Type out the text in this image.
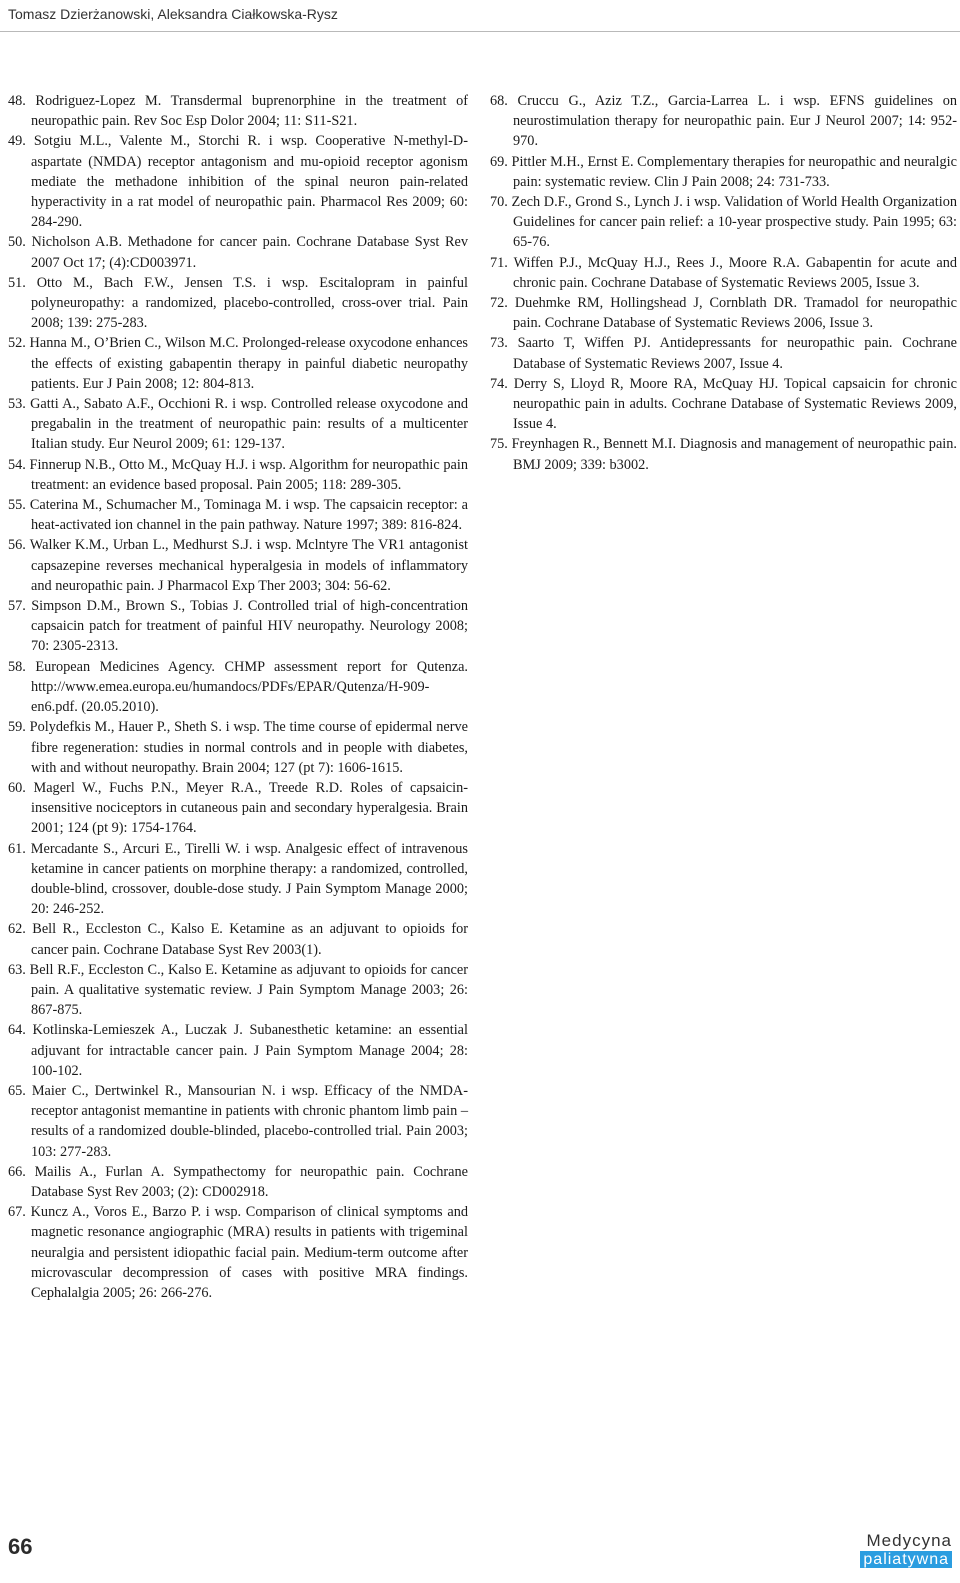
Tomasz Dzierżanowski, Aleksandra Ciałkowska-Rysz
48. Rodriguez-Lopez M. Transdermal buprenorphine in the treatment of neuropathic pain. Rev Soc Esp Dolor 2004; 11: S11-S21.
49. Sotgiu M.L., Valente M., Storchi R. i wsp. Cooperative N-methyl-D-aspartate (NMDA) receptor antagonism and mu-opioid receptor agonism mediate the methadone inhibition of the spinal neuron pain-related hyperactivity in a rat model of neuropathic pain. Pharmacol Res 2009; 60: 284-290.
50. Nicholson A.B. Methadone for cancer pain. Cochrane Database Syst Rev 2007 Oct 17; (4):CD003971.
51. Otto M., Bach F.W., Jensen T.S. i wsp. Escitalopram in painful polyneuropathy: a randomized, placebo-controlled, cross-over trial. Pain 2008; 139: 275-283.
52. Hanna M., O’Brien C., Wilson M.C. Prolonged-release oxycodone enhances the effects of existing gabapentin therapy in painful diabetic neuropathy patients. Eur J Pain 2008; 12: 804-813.
53. Gatti A., Sabato A.F., Occhioni R. i wsp. Controlled release oxycodone and pregabalin in the treatment of neuropathic pain: results of a multicenter Italian study. Eur Neurol 2009; 61: 129-137.
54. Finnerup N.B., Otto M., McQuay H.J. i wsp. Algorithm for neuropathic pain treatment: an evidence based proposal. Pain 2005; 118: 289-305.
55. Caterina M., Schumacher M., Tominaga M. i wsp. The capsaicin receptor: a heat-activated ion channel in the pain pathway. Nature 1997; 389: 816-824.
56. Walker K.M., Urban L., Medhurst S.J. i wsp. Mclntyre The VR1 antagonist capsazepine reverses mechanical hyperalgesia in models of inflammatory and neuropathic pain. J Pharmacol Exp Ther 2003; 304: 56-62.
57. Simpson D.M., Brown S., Tobias J. Controlled trial of high-concentration capsaicin patch for treatment of painful HIV neuropathy. Neurology 2008; 70: 2305-2313.
58. European Medicines Agency. CHMP assessment report for Qutenza. http://www.emea.europa.eu/humandocs/PDFs/EPAR/Qutenza/H-909-en6.pdf. (20.05.2010).
59. Polydefkis M., Hauer P., Sheth S. i wsp. The time course of epidermal nerve fibre regeneration: studies in normal controls and in people with diabetes, with and without neuropathy. Brain 2004; 127 (pt 7): 1606-1615.
60. Magerl W., Fuchs P.N., Meyer R.A., Treede R.D. Roles of capsaicin-insensitive nociceptors in cutaneous pain and secondary hyperalgesia. Brain 2001; 124 (pt 9): 1754-1764.
61. Mercadante S., Arcuri E., Tirelli W. i wsp. Analgesic effect of intravenous ketamine in cancer patients on morphine therapy: a randomized, controlled, double-blind, crossover, double-dose study. J Pain Symptom Manage 2000; 20: 246-252.
62. Bell R., Eccleston C., Kalso E. Ketamine as an adjuvant to opioids for cancer pain. Cochrane Database Syst Rev 2003(1).
63. Bell R.F., Eccleston C., Kalso E. Ketamine as adjuvant to opioids for cancer pain. A qualitative systematic review. J Pain Symptom Manage 2003; 26: 867-875.
64. Kotlinska-Lemieszek A., Luczak J. Subanesthetic ketamine: an essential adjuvant for intractable cancer pain. J Pain Symptom Manage 2004; 28: 100-102.
65. Maier C., Dertwinkel R., Mansourian N. i wsp. Efficacy of the NMDA-receptor antagonist memantine in patients with chronic phantom limb pain – results of a randomized double-blinded, placebo-controlled trial. Pain 2003; 103: 277-283.
66. Mailis A., Furlan A. Sympathectomy for neuropathic pain. Cochrane Database Syst Rev 2003; (2): CD002918.
67. Kuncz A., Voros E., Barzo P. i wsp. Comparison of clinical symptoms and magnetic resonance angiographic (MRA) results in patients with trigeminal neuralgia and persistent idiopathic facial pain. Medium-term outcome after microvascular decompression of cases with positive MRA findings. Cephalalgia 2005; 26: 266-276.
68. Cruccu G., Aziz T.Z., Garcia-Larrea L. i wsp. EFNS guidelines on neurostimulation therapy for neuropathic pain. Eur J Neurol 2007; 14: 952-970.
69. Pittler M.H., Ernst E. Complementary therapies for neuropathic and neuralgic pain: systematic review. Clin J Pain 2008; 24: 731-733.
70. Zech D.F., Grond S., Lynch J. i wsp. Validation of World Health Organization Guidelines for cancer pain relief: a 10-year prospective study. Pain 1995; 63: 65-76.
71. Wiffen P.J., McQuay H.J., Rees J., Moore R.A. Gabapentin for acute and chronic pain. Cochrane Database of Systematic Reviews 2005, Issue 3.
72. Duehmke RM, Hollingshead J, Cornblath DR. Tramadol for neuropathic pain. Cochrane Database of Systematic Reviews 2006, Issue 3.
73. Saarto T, Wiffen PJ. Antidepressants for neuropathic pain. Cochrane Database of Systematic Reviews 2007, Issue 4.
74. Derry S, Lloyd R, Moore RA, McQuay HJ. Topical capsaicin for chronic neuropathic pain in adults. Cochrane Database of Systematic Reviews 2009, Issue 4.
75. Freynhagen R., Bennett M.I. Diagnosis and management of neuropathic pain. BMJ 2009; 339: b3002.
66	Medycyna
paliatywna
